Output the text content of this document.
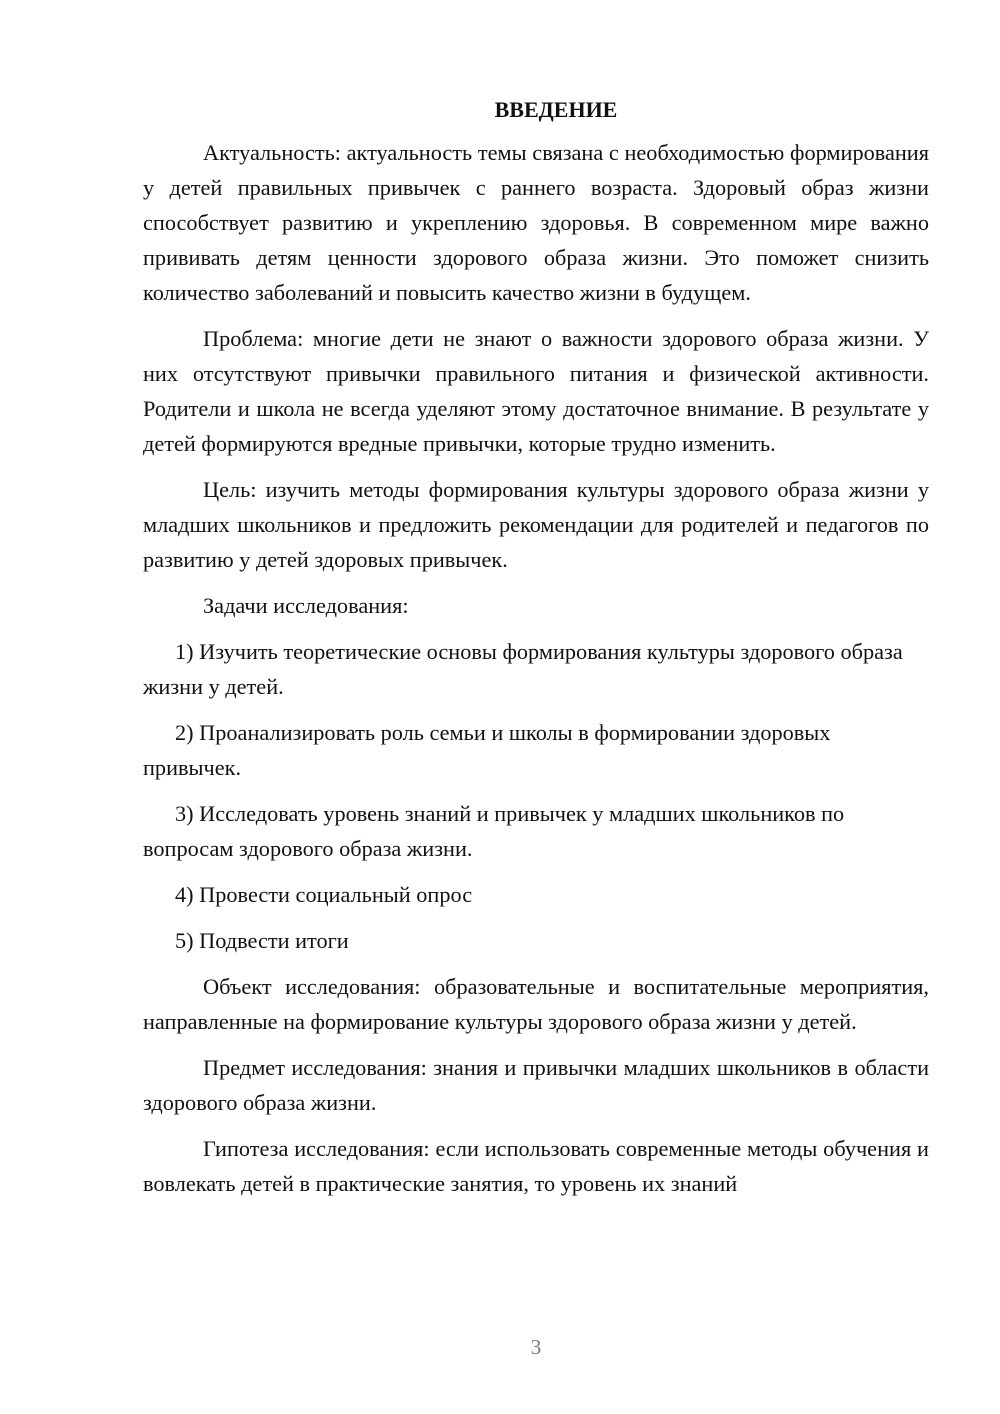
ВВЕДЕНИЕ

Актуальность: актуальность темы связана с необходимостью формирования у детей правильных привычек с раннего возраста. Здоровый образ жизни способствует развитию и укреплению здоровья. В современном мире важно прививать детям ценности здорового образа жизни. Это поможет снизить количество заболеваний и повысить качество жизни в будущем.

Проблема: многие дети не знают о важности здорового образа жизни. У них отсутствуют привычки правильного питания и физической активности. Родители и школа не всегда уделяют этому достаточное внимание. В результате у детей формируются вредные привычки, которые трудно изменить.

Цель: изучить методы формирования культуры здорового образа жизни у младших школьников и предложить рекомендации для родителей и педагогов по развитию у детей здоровых привычек.

Задачи исследования:

1) Изучить теоретические основы формирования культуры здорового образа жизни у детей.

2) Проанализировать роль семьи и школы в формировании здоровых привычек.

3) Исследовать уровень знаний и привычек у младших школьников по вопросам здорового образа жизни.

4) Провести социальный опрос

5) Подвести итоги

Объект исследования: образовательные и воспитательные мероприятия, направленные на формирование культуры здорового образа жизни у детей.

Предмет исследования: знания и привычки младших школьников в области здорового образа жизни.

Гипотеза исследования: если использовать современные методы обучения и вовлекать детей в практические занятия, то уровень их знаний

3
